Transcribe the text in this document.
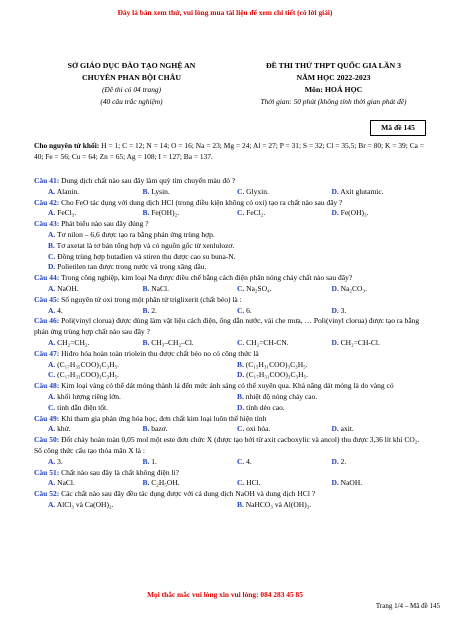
Đây là bản xem thử, vui lòng mua tài liệu để xem chi tiết (có lời giải)
SỞ GIÁO DỤC ĐÀO TẠO NGHỆ AN
CHUYÊN PHAN BỘI CHÂU
(Đề thi có 04 trang)
(40 câu trắc nghiệm)
ĐỀ THI THỬ THPT QUỐC GIA LẦN 3
NĂM HỌC 2022-2023
Môn: HOÁ HỌC
Thời gian: 50 phút (không tính thời gian phát đề)
Mã đề 145
Cho nguyên tử khối: H = 1; C = 12; N = 14; O = 16; Na = 23; Mg = 24; Al = 27; P = 31; S = 32; Cl = 35,5; Br = 80; K = 39; Ca = 40; Fe = 56; Cu = 64; Zn = 65; Ag = 108; I = 127; Ba = 137.
Câu 41: Dung dịch chất nào sau đây làm quỳ tím chuyển màu đỏ ?
A. Alanin.	B. Lysin.	C. Glyxin.	D. Axit glutamic.
Câu 42: Cho FeO tác dụng với dung dịch HCl (trong điều kiện không có oxi) tạo ra chất nào sau đây ?
A. FeCl₃.	B. Fe(OH)₂.	C. FeCl₂.	D. Fe(OH)₃.
Câu 43: Phát biểu nào sau đây đúng ?
A. Tơ nilon – 6,6 được tạo ra bằng phản ứng trùng hợp.
B. Tơ axetat là tơ bán tổng hợp và có nguồn gốc từ xenlulozơ.
C. Đồng trùng hợp butađien và stiren thu được cao su buna-N.
D. Polietilen tan được trong nước và trong xăng dầu.
Câu 44: Trong công nghiệp, kim loại Na được điều chế bằng cách điện phân nóng chảy chất nào sau đây?
A. NaOH.	B. NaCl.	C. Na₂SO₄.	D. Na₂CO₃.
Câu 45: Số nguyên tử oxi trong một phân tử triglixerit (chất béo) là :
A. 4.	B. 2.	C. 6.	D. 3.
Câu 46: Poli(vinyl clorua) được dùng làm vật liệu cách điện, ống dẫn nước, vải che mưa, … Poli(vinyl clorua) được tạo ra bằng phản ứng trùng hợp chất nào sau đây ?
A. CH₂=CH₂.	B. CH₃–CH₂–Cl.	C. CH₂=CH-CN.	D. CH₂=CH-Cl.
Câu 47: Hiđro hóa hoàn toàn triolein thu được chất béo no có công thức là
A. (C₁₇H₃₅COO)₃C₃H₅.	B. (C₁₅H₃₁COO)₃C₃H₅.
C. (C₁₇H₃₃COO)₃C₃H₅.	D. (C₁₇H₃₁COO)₃C₃H₅.
Câu 48: Kim loại vàng có thể dát mỏng thành lá đến mức ánh sáng có thể xuyên qua. Khả năng dát mỏng là do vàng có
A. khối lượng riêng lớn.	B. nhiệt độ nóng chảy cao.
C. tính dẫn điện tốt.	D. tính dẻo cao.
Câu 49: Khi tham gia phản ứng hóa học, đơn chất kim loại luôn thể hiện tính
A. khử.	B. bazơ.	C. oxi hóa.	D. axit.
Câu 50: Đốt cháy hoàn toàn 0,05 mol một este đơn chức X (được tạo bởi từ axit cacboxylic và ancol) thu được 3,36 lít khí CO₂. Số công thức cấu tạo thỏa mãn X là :
A. 3.	B. 1.	C. 4.	D. 2.
Câu 51: Chất nào sau đây là chất không điện li?
A. NaCl.	B. C₂H₅OH.	C. HCl.	D. NaOH.
Câu 52: Các chất nào sau đây đều tác dụng được với cả dung dịch NaOH và dung dịch HCl ?
A. AlCl₃ và Ca(OH)₂.	B. NaHCO₃ và Al(OH)₃.
Mọi thắc mắc vui lòng xin vui lòng: 084 283 45 85
Trang 1/4 – Mã đề 145
